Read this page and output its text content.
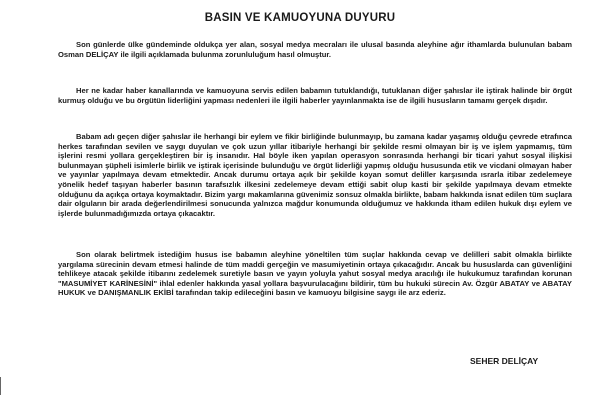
BASIN VE KAMUOYUNA DUYURU

Son günlerde ülke gündeminde oldukça yer alan, sosyal medya mecraları ile ulusal basında aleyhine ağır ithamlarda bulunulan babam Osman DELİÇAY ile ilgili açıklamada bulunma zorunluluğum hasıl olmuştur.

Her ne kadar haber kanallarında ve kamuoyuna servis edilen babamın tutuklandığı, tutuklanan diğer şahıslar ile iştirak halinde bir örgüt kurmuş olduğu ve bu örgütün liderliğini yapması nedenleri ile ilgili haberler yayınlanmakta ise de ilgili hususların tamamı gerçek dışıdır.

Babam adı geçen diğer şahıslar ile herhangi bir eylem ve fikir birliğinde bulunmayıp, bu zamana kadar yaşamış olduğu çevrede etrafınca herkes tarafından sevilen ve saygı duyulan ve çok uzun yıllar itibariyle herhangi bir şekilde resmi olmayan bir iş ve işlem yapmamış, tüm işlerini resmi yollara gerçekleştiren bir iş insanıdır. Hal böyle iken yapılan operasyon sonrasında herhangi bir ticari yahut sosyal ilişkisi bulunmayan şüpheli isimlerle birlik ve iştirak içerisinde bulunduğu ve örgüt liderliği yapmış olduğu hususunda etik ve vicdani olmayan haber ve yayınlar yapılmaya devam etmektedir. Ancak durumu ortaya açık bir şekilde koyan somut deliller karşısında ısrarla itibar zedelemeye yönelik hedef taşıyan haberler basının tarafsızlık ilkesini zedelemeye devam ettiği sabit olup kasti bir şekilde yapılmaya devam etmekte olduğunu da açıkça ortaya koymaktadır. Bizim yargı makamlarına güvenimiz sonsuz olmakla birlikte, babam hakkında isnat edilen tüm suçlara dair olguların bir arada değerlendirilmesi sonucunda yalnızca mağdur konumunda olduğumuz ve hakkında itham edilen hukuk dışı eylem ve işlerde bulunmadığımızda ortaya çıkacaktır.

Son olarak belirtmek istediğim husus ise babamın aleyhine yöneltilen tüm suçlar hakkında cevap ve delilleri sabit olmakla birlikte yargılama sürecinin devam etmesi halinde de tüm maddi gerçeğin ve masumiyetinin ortaya çıkacağıdır. Ancak bu hususlarda can güvenliğini tehlikeye atacak şekilde itibarını zedelemek suretiyle basın ve yayın yoluyla yahut sosyal medya aracılığı ile hukukumuz tarafından korunan "MASUMİYET KARİNESİNİ" ihlal edenler hakkında yasal yollara başvurulacağını bildirir, tüm bu hukuki sürecin Av. Özgür ABATAY ve ABATAY HUKUK ve DANIŞMANLIK EKİBİ tarafından takip edileceğini basın ve kamuoyu bilgisine saygı ile arz ederiz.

SEHER DELİÇAY
